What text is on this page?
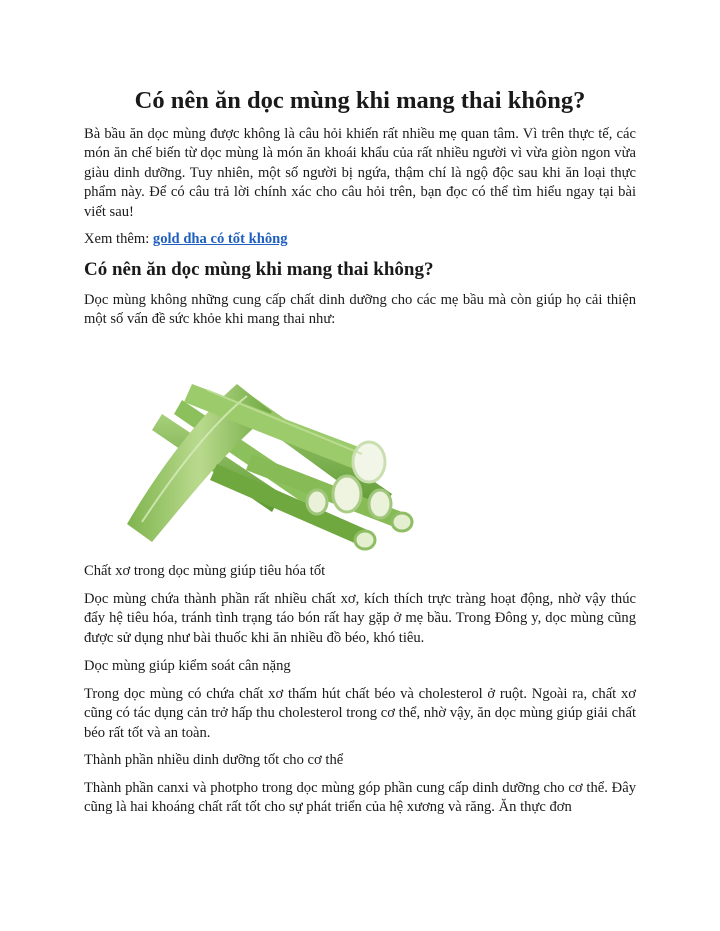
Có nên ăn dọc mùng khi mang thai không?

Bà bầu ăn dọc mùng được không là câu hỏi khiến rất nhiều mẹ quan tâm. Vì trên thực tế, các món ăn chế biến từ dọc mùng là món ăn khoái khẩu của rất nhiều người vì vừa giòn ngon vừa giàu dinh dưỡng. Tuy nhiên, một số người bị ngứa, thậm chí là ngộ độc sau khi ăn loại thực phẩm này. Để có câu trả lời chính xác cho câu hỏi trên, bạn đọc có thể tìm hiểu ngay tại bài viết sau!

Xem thêm: gold dha có tốt không

Có nên ăn dọc mùng khi mang thai không?

Dọc mùng không những cung cấp chất dinh dưỡng cho các mẹ bầu mà còn giúp họ cải thiện một số vấn đề sức khỏe khi mang thai như:

Chất xơ trong dọc mùng giúp tiêu hóa tốt

Dọc mùng chứa thành phần rất nhiều chất xơ, kích thích trực tràng hoạt động, nhờ vậy thúc đẩy hệ tiêu hóa, tránh tình trạng táo bón rất hay gặp ở mẹ bầu. Trong Đông y, dọc mùng cũng được sử dụng như bài thuốc khi ăn nhiều đồ béo, khó tiêu.

Dọc mùng giúp kiểm soát cân nặng

Trong dọc mùng có chứa chất xơ thấm hút chất béo và cholesterol ở ruột. Ngoài ra, chất xơ cũng có tác dụng cản trở hấp thu cholesterol trong cơ thể, nhờ vậy, ăn dọc mùng giúp giải chất béo rất tốt và an toàn.

Thành phần nhiều dinh dưỡng tốt cho cơ thể

Thành phần canxi và photpho trong dọc mùng góp phần cung cấp dinh dưỡng cho cơ thể. Đây cũng là hai khoáng chất rất tốt cho sự phát triển của hệ xương và răng. Ăn thực đơn
